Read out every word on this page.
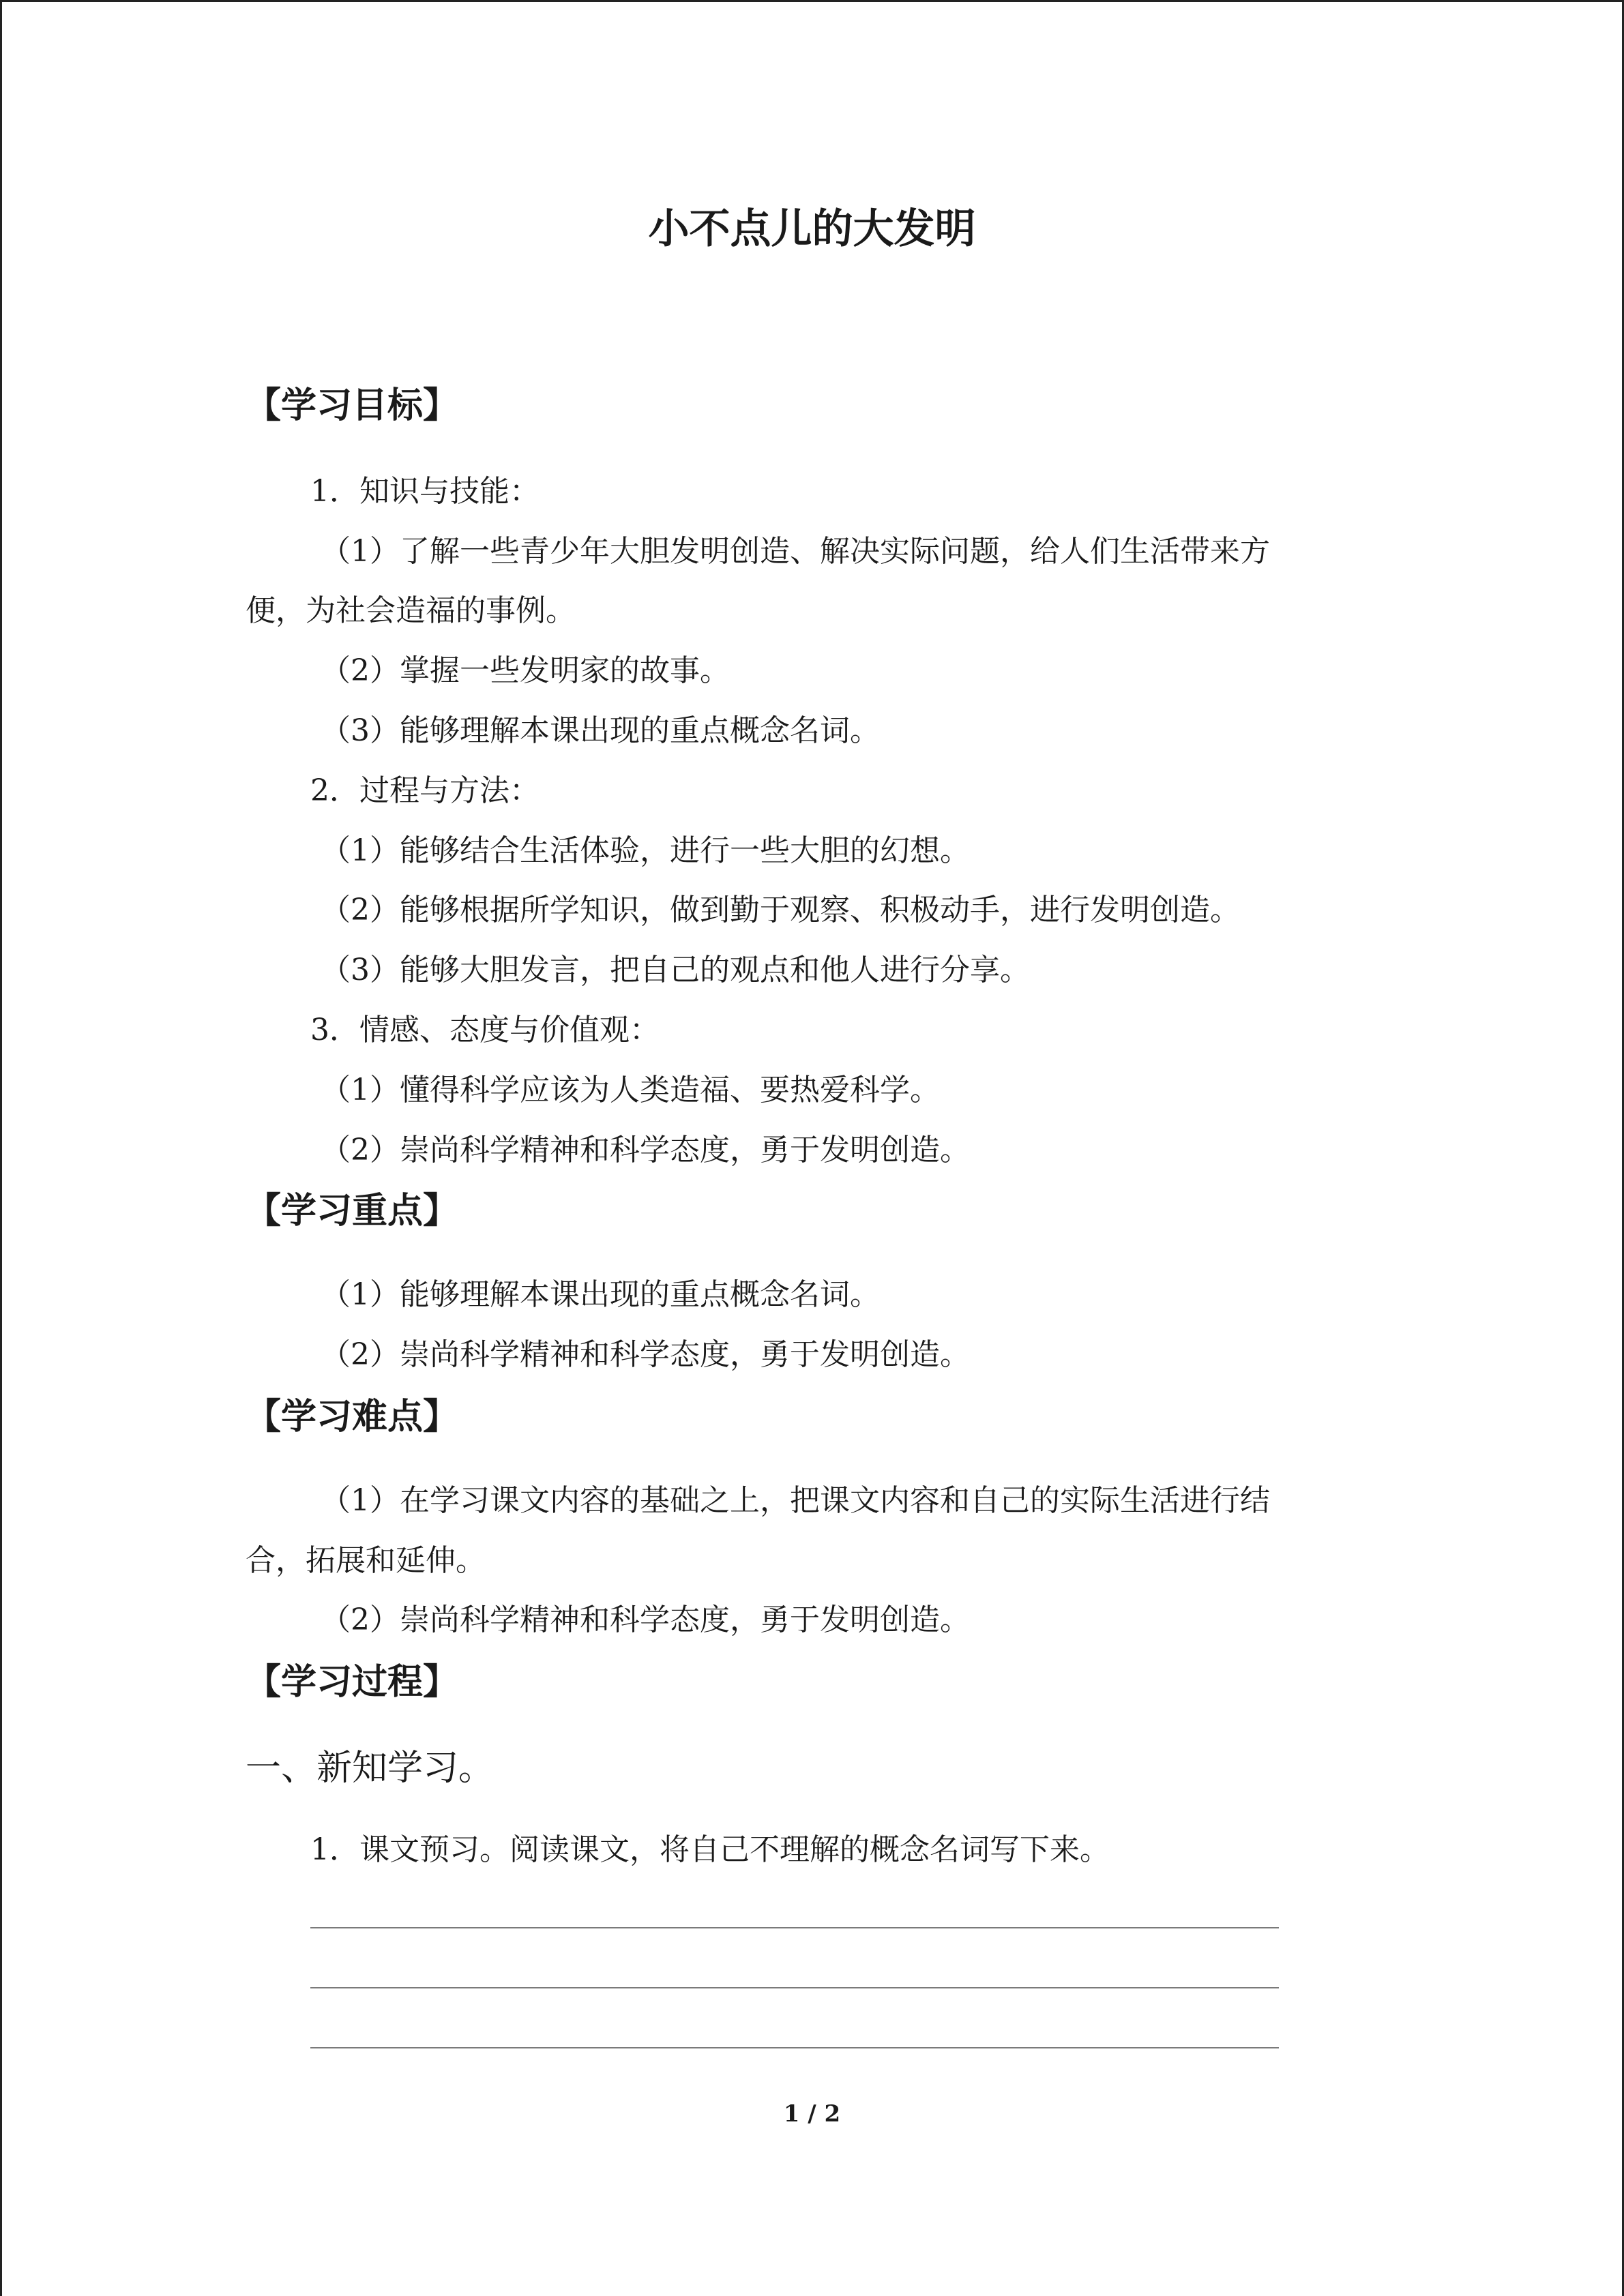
小不点儿的大发明
【学习目标】
1．知识与技能：
（1）了解一些青少年大胆发明创造、解决实际问题，给人们生活带来方
便，为社会造福的事例。
（2）掌握一些发明家的故事。
（3）能够理解本课出现的重点概念名词。
2．过程与方法：
（1）能够结合生活体验，进行一些大胆的幻想。
（2）能够根据所学知识，做到勤于观察、积极动手，进行发明创造。
（3）能够大胆发言，把自己的观点和他人进行分享。
3．情感、态度与价值观：
（1）懂得科学应该为人类造福、要热爱科学。
（2）崇尚科学精神和科学态度，勇于发明创造。
【学习重点】
（1）能够理解本课出现的重点概念名词。
（2）崇尚科学精神和科学态度，勇于发明创造。
【学习难点】
（1）在学习课文内容的基础之上，把课文内容和自己的实际生活进行结
合，拓展和延伸。
（2）崇尚科学精神和科学态度，勇于发明创造。
【学习过程】
一、新知学习。
1．课文预习。阅读课文，将自己不理解的概念名词写下来。
1 / 2
